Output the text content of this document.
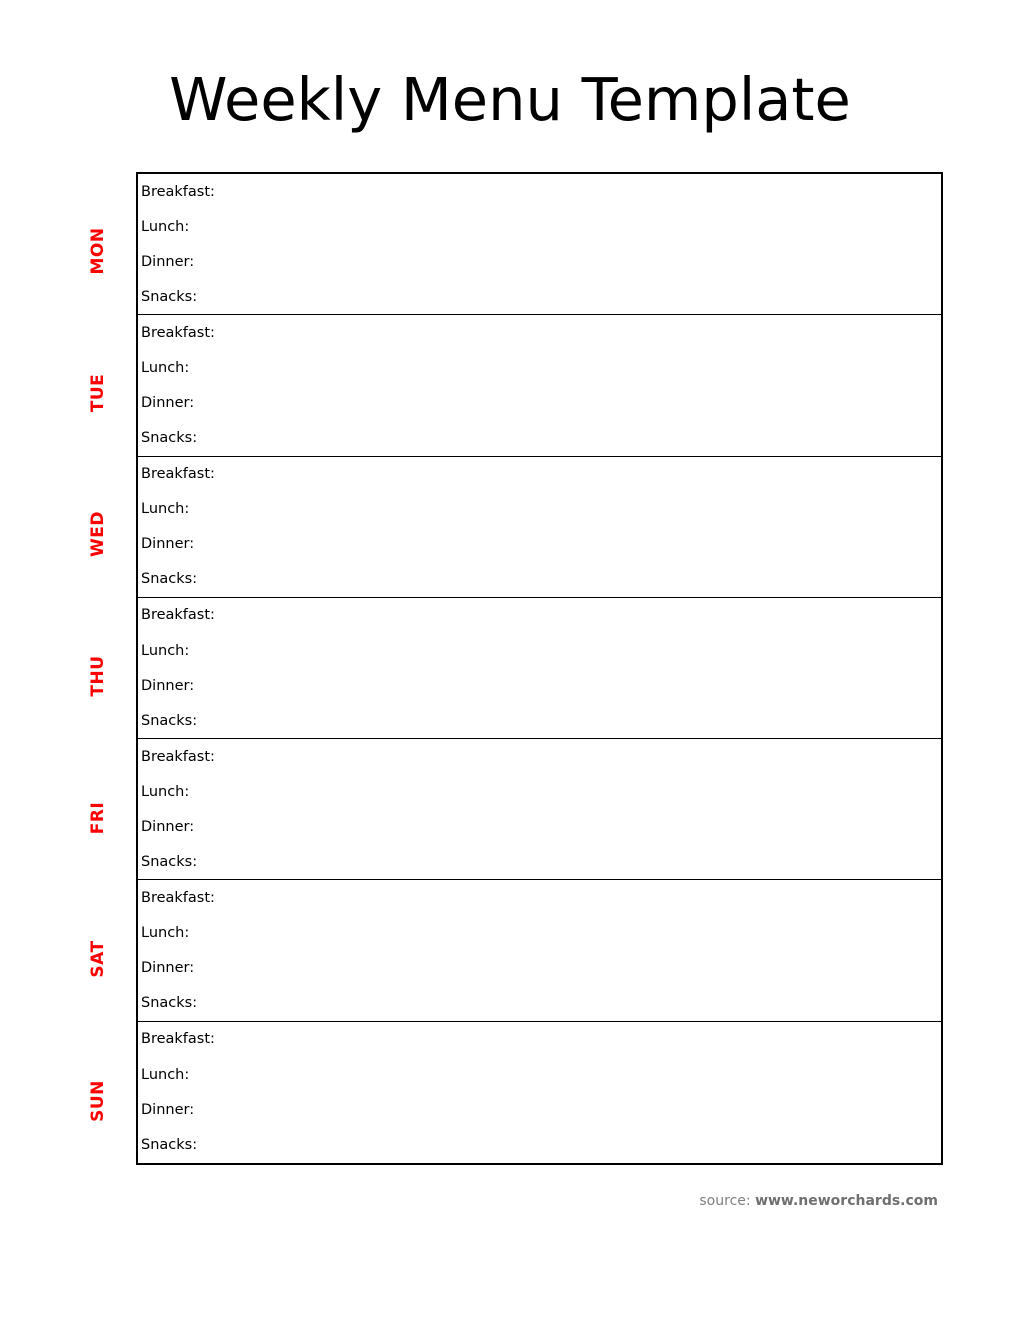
Weekly Menu Template
MON
TUE
WED
THU
FRI
SAT
SUN
Breakfast:
Lunch:
Dinner:
Snacks:
Breakfast:
Lunch:
Dinner:
Snacks:
Breakfast:
Lunch:
Dinner:
Snacks:
Breakfast:
Lunch:
Dinner:
Snacks:
Breakfast:
Lunch:
Dinner:
Snacks:
Breakfast:
Lunch:
Dinner:
Snacks:
Breakfast:
Lunch:
Dinner:
Snacks:
source: www.neworchards.com
